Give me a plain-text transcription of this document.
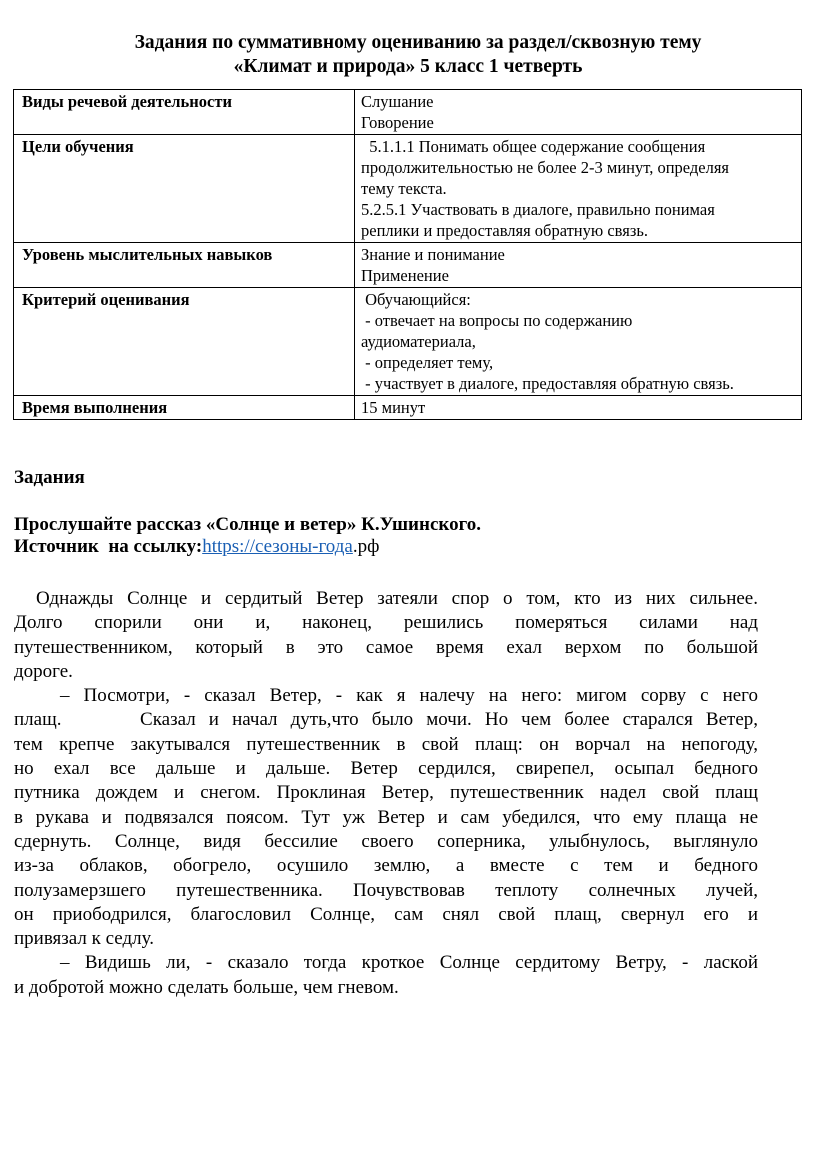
Задания по суммативному оцениванию за раздел/сквозную тему
«Климат и природа» 5 класс 1 четверть
Виды речевой деятельности	Слушание
Говорение

Цели обучения	5.1.1.1 Понимать общее содержание сообщения
продолжительностью не более 2-3 минут, определяя
тему текста.
5.2.5.1 Участвовать в диалоге, правильно понимая
реплики и предоставляя обратную связь.

Уровень мыслительных навыков	Знание и понимание
Применение

Критерий оценивания	Обучающийся:
- отвечает на вопросы по содержанию
аудиоматериала,
- определяет тему,
- участвует в диалоге, предоставляя обратную связь.

Время выполнения	15 минут
Задания
Прослушайте рассказ «Солнце и ветер» К.Ушинского.
Источник  на ссылку:https://сезоны-года.рф
Однажды Солнце и сердитый Ветер затеяли спор о том, кто из них сильнее.
Долго спорили они и, наконец, решились померяться силами над
путешественником, который в это самое время ехал верхом по большой
дороге.
– Посмотри, - сказал Ветер, - как я налечу на него: мигом сорву с него
плащ.      Сказал и начал дуть,что было мочи. Но чем более старался Ветер,
тем крепче закутывался путешественник в свой плащ: он ворчал на непогоду,
но ехал все дальше и дальше. Ветер сердился, свирепел, осыпал бедного
путника дождем и снегом. Проклиная Ветер, путешественник надел свой плащ
в рукава и подвязался поясом. Тут уж Ветер и сам убедился, что ему плаща не
сдернуть. Солнце, видя бессилие своего соперника, улыбнулось, выглянуло
из-за облаков, обогрело, осушило землю, а вместе с тем и бедного
полузамерзшего путешественника. Почувствовав теплоту солнечных лучей,
он приободрился, благословил Солнце, сам снял свой плащ, свернул его и
привязал к седлу.
– Видишь ли, - сказало тогда кроткое Солнце сердитому Ветру, - лаской
и добротой можно сделать больше, чем гневом.
